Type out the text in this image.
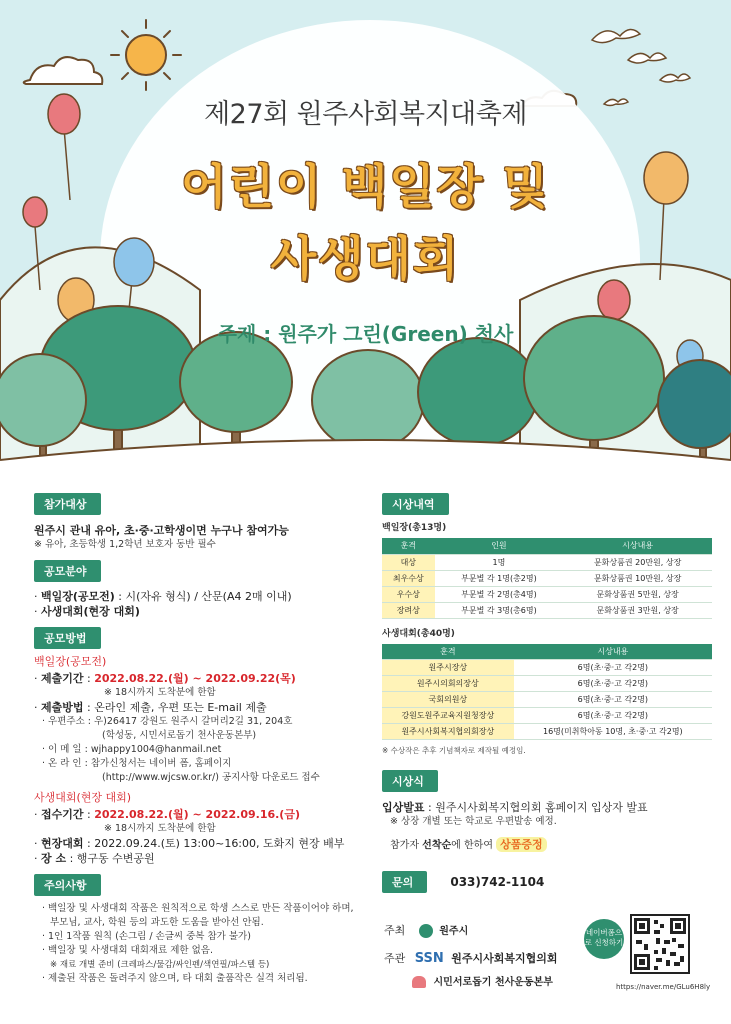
제27회 원주사회복지대축제
어린이 백일장 및
사생대회
주제 : 원주가 그린(Green) 천사
참가대상
원주시 관내 유아, 초·중·고학생이면 누구나 참여가능
※ 유아, 초등학생 1,2학년 보호자 동반 필수
공모분야
· 백일장(공모전) : 시(자유 형식) / 산문(A4 2매 이내)
· 사생대회(현장 대회)
공모방법
백일장(공모전)
· 제출기간 : 2022.08.22.(월) ~ 2022.09.22(목)
※ 18시까지 도착분에 한함
· 제출방법 : 온라인 제출, 우편 또는 E-mail 제출
· 우편주소 : 우)26417 강원도 원주시 갈머리2길 31, 204호
(학성동, 시민서로돕기 천사운동본부)
· 이 메 일 : wjhappy1004@hanmail.net
· 온 라 인 : 참가신청서는 네이버 폼, 홈페이지
(http://www.wjcsw.or.kr/) 공지사항 다운로드 접수
사생대회(현장 대회)
· 접수기간 : 2022.08.22.(월) ~ 2022.09.16.(금)
※ 18시까지 도착분에 한함
· 현장대회 : 2022.09.24.(토) 13:00~16:00, 도화지 현장 배부
· 장 소 : 행구동 수변공원
주의사항
· 백일장 및 사생대회 작품은 원칙적으로 학생 스스로 만든 작품이어야 하며,
부모님, 교사, 학원 등의 과도한 도움을 받아선 안됨.
· 1인 1작품 원칙 (손그림 / 손글씨 중복 참가 불가)
· 백일장 및 사생대회 대회재료 제한 없음.
※ 재료 개별 준비 (크레파스/물감/싸인펜/색연필/파스텔 등)
· 제출된 작품은 돌려주지 않으며, 타 대회 출품작은 실격 처리됨.
시상내역
백일장(총13명)
훈격	인원	시상내용
대상	1명	문화상품권 20만원, 상장
최우수상	부문별 각 1명(총2명)	문화상품권 10만원, 상장
우수상	부문별 각 2명(총4명)	문화상품권 5만원, 상장
장려상	부문별 각 3명(총6명)	문화상품권 3만원, 상장
사생대회(총40명)
훈격	시상내용
원주시장상	6명(초·중·고 각2명)
원주시의회의장상	6명(초·중·고 각2명)
국회의원상	6명(초·중·고 각2명)
강원도원주교육지원청장상	6명(초·중·고 각2명)
원주시사회복지협의회장상	16명(미취학아동 10명, 초·중·고 각2명)
※ 수상작은 추후 기념책자로 제작될 예정임.
시상식
입상발표 : 원주시사회복지협의회 홈페이지 입상자 발표
※ 상장 개별 또는 학교로 우편발송 예정.
참가자 선착순에 한하여 상품증정
문의	033)742-1104
주최	원주시
주관 SSN 원주시사회복지협의회
시민서로돕기 천사운동본부
네이버폼으로 신청하기
https://naver.me/GLu6H8ly
